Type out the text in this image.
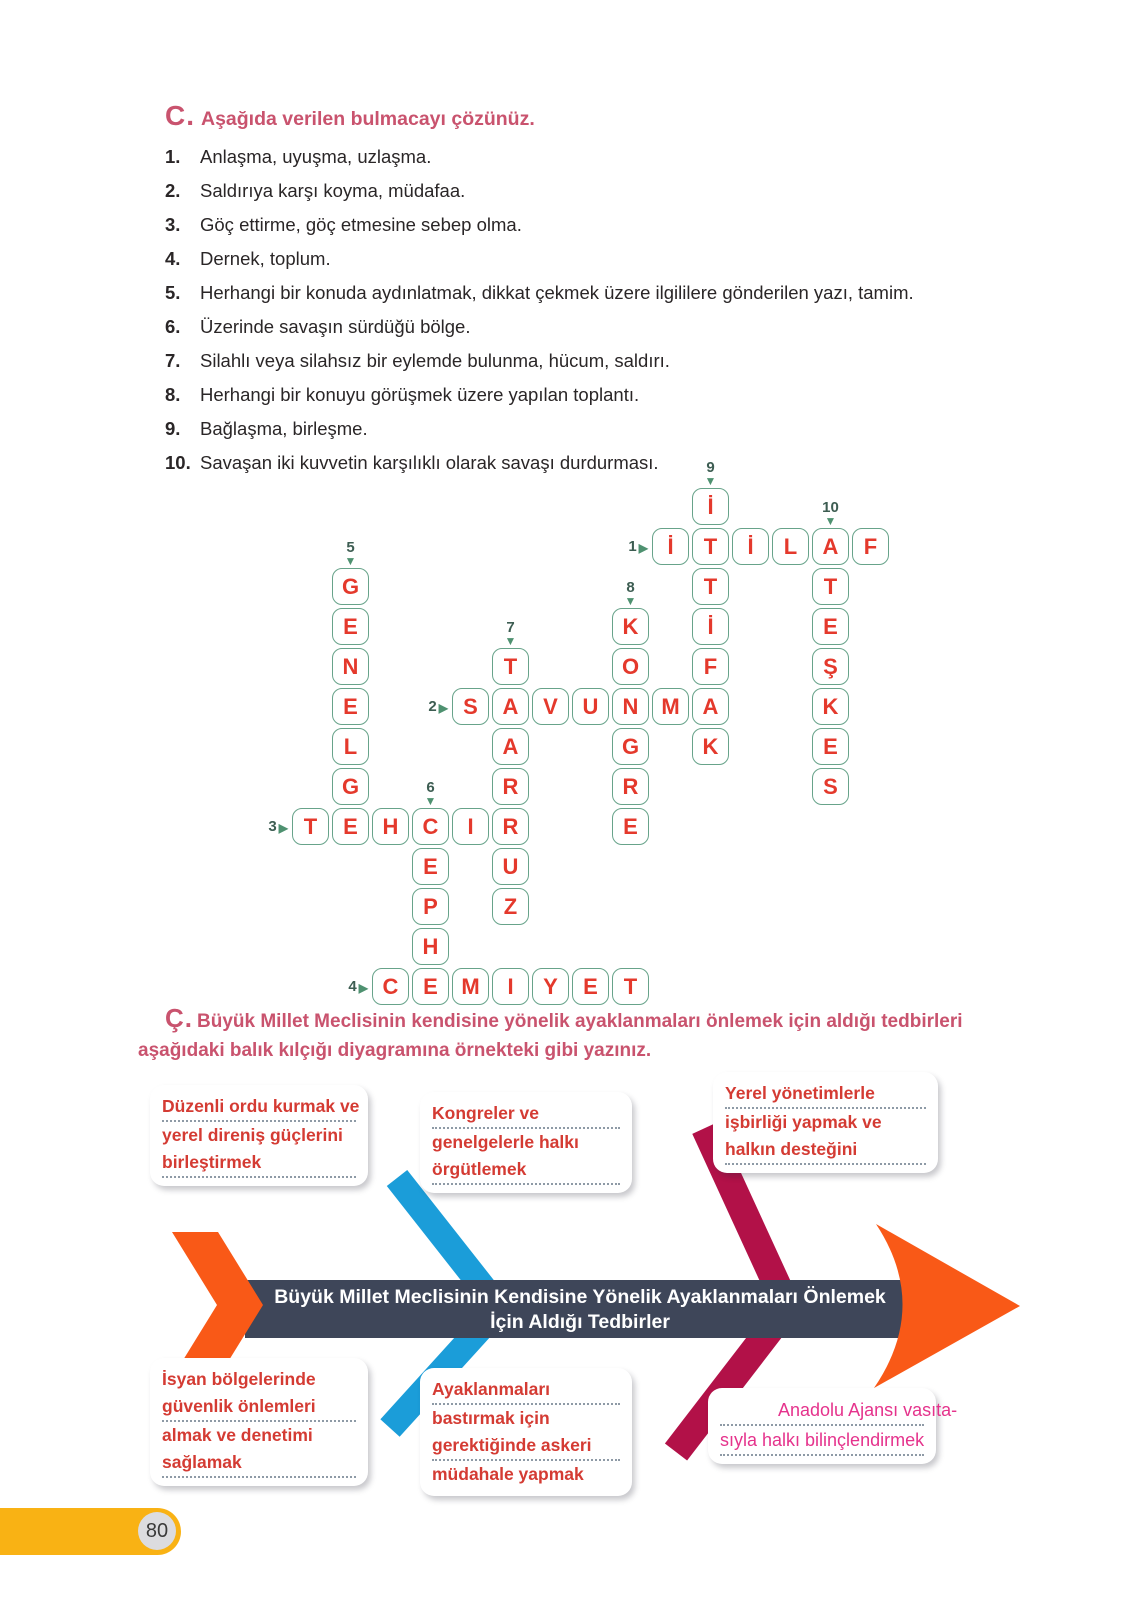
C. Aşağıda verilen bulmacayı çözünüz.
1.	Anlaşma, uyuşma, uzlaşma.
2.	Saldırıya karşı koyma, müdafaa.
3.	Göç ettirme, göç etmesine sebep olma.
4.	Dernek, toplum.
5.	Herhangi bir konuda aydınlatmak, dikkat çekmek üzere ilgililere gönderilen yazı, tamim.
6.	Üzerinde savaşın sürdüğü bölge.
7.	Silahlı veya silahsız bir eylemde bulunma, hücum, saldırı.
8.	Herhangi bir konuyu görüşmek üzere yapılan toplantı.
9.	Bağlaşma, birleşme.
10. Savaşan iki kuvvetin karşılıklı olarak savaşı durdurması.
İ T İ L A F
1 ▶
S A V U N M A
2 ▶
T E H C I R
3 ▶
C E M I Y E T
4 ▶
G
E
N
E
L
G
5
▼
E
P
H
6
▼
T
A
R
U
Z
7
▼
K
O
G
R
E
8
▼
İ
T
İ
F
K
9
▼
T
E
Ş
K
E
S
10
▼
Ç. Büyük Millet Meclisinin kendisine yönelik ayaklanmaları önlemek için aldığı tedbirleri
aşağıdaki balık kılçığı diyagramına örnekteki gibi yazınız.
Büyük Millet Meclisinin Kendisine Yönelik Ayaklanmaları Önlemek
İçin Aldığı Tedbirler
Düzenli ordu kurmak ve
yerel direniş güçlerini
birleştirmek
Kongreler ve
genelgelerle halkı
örgütlemek
Yerel yönetimlerle
işbirliği yapmak ve
halkın desteğini
İsyan bölgelerinde
güvenlik önlemleri
almak ve denetimi
sağlamak
Ayaklanmaları
bastırmak için
gerektiğinde askeri
müdahale yapmak
Anadolu Ajansı vasıta-
sıyla halkı bilinçlendirmek
80
